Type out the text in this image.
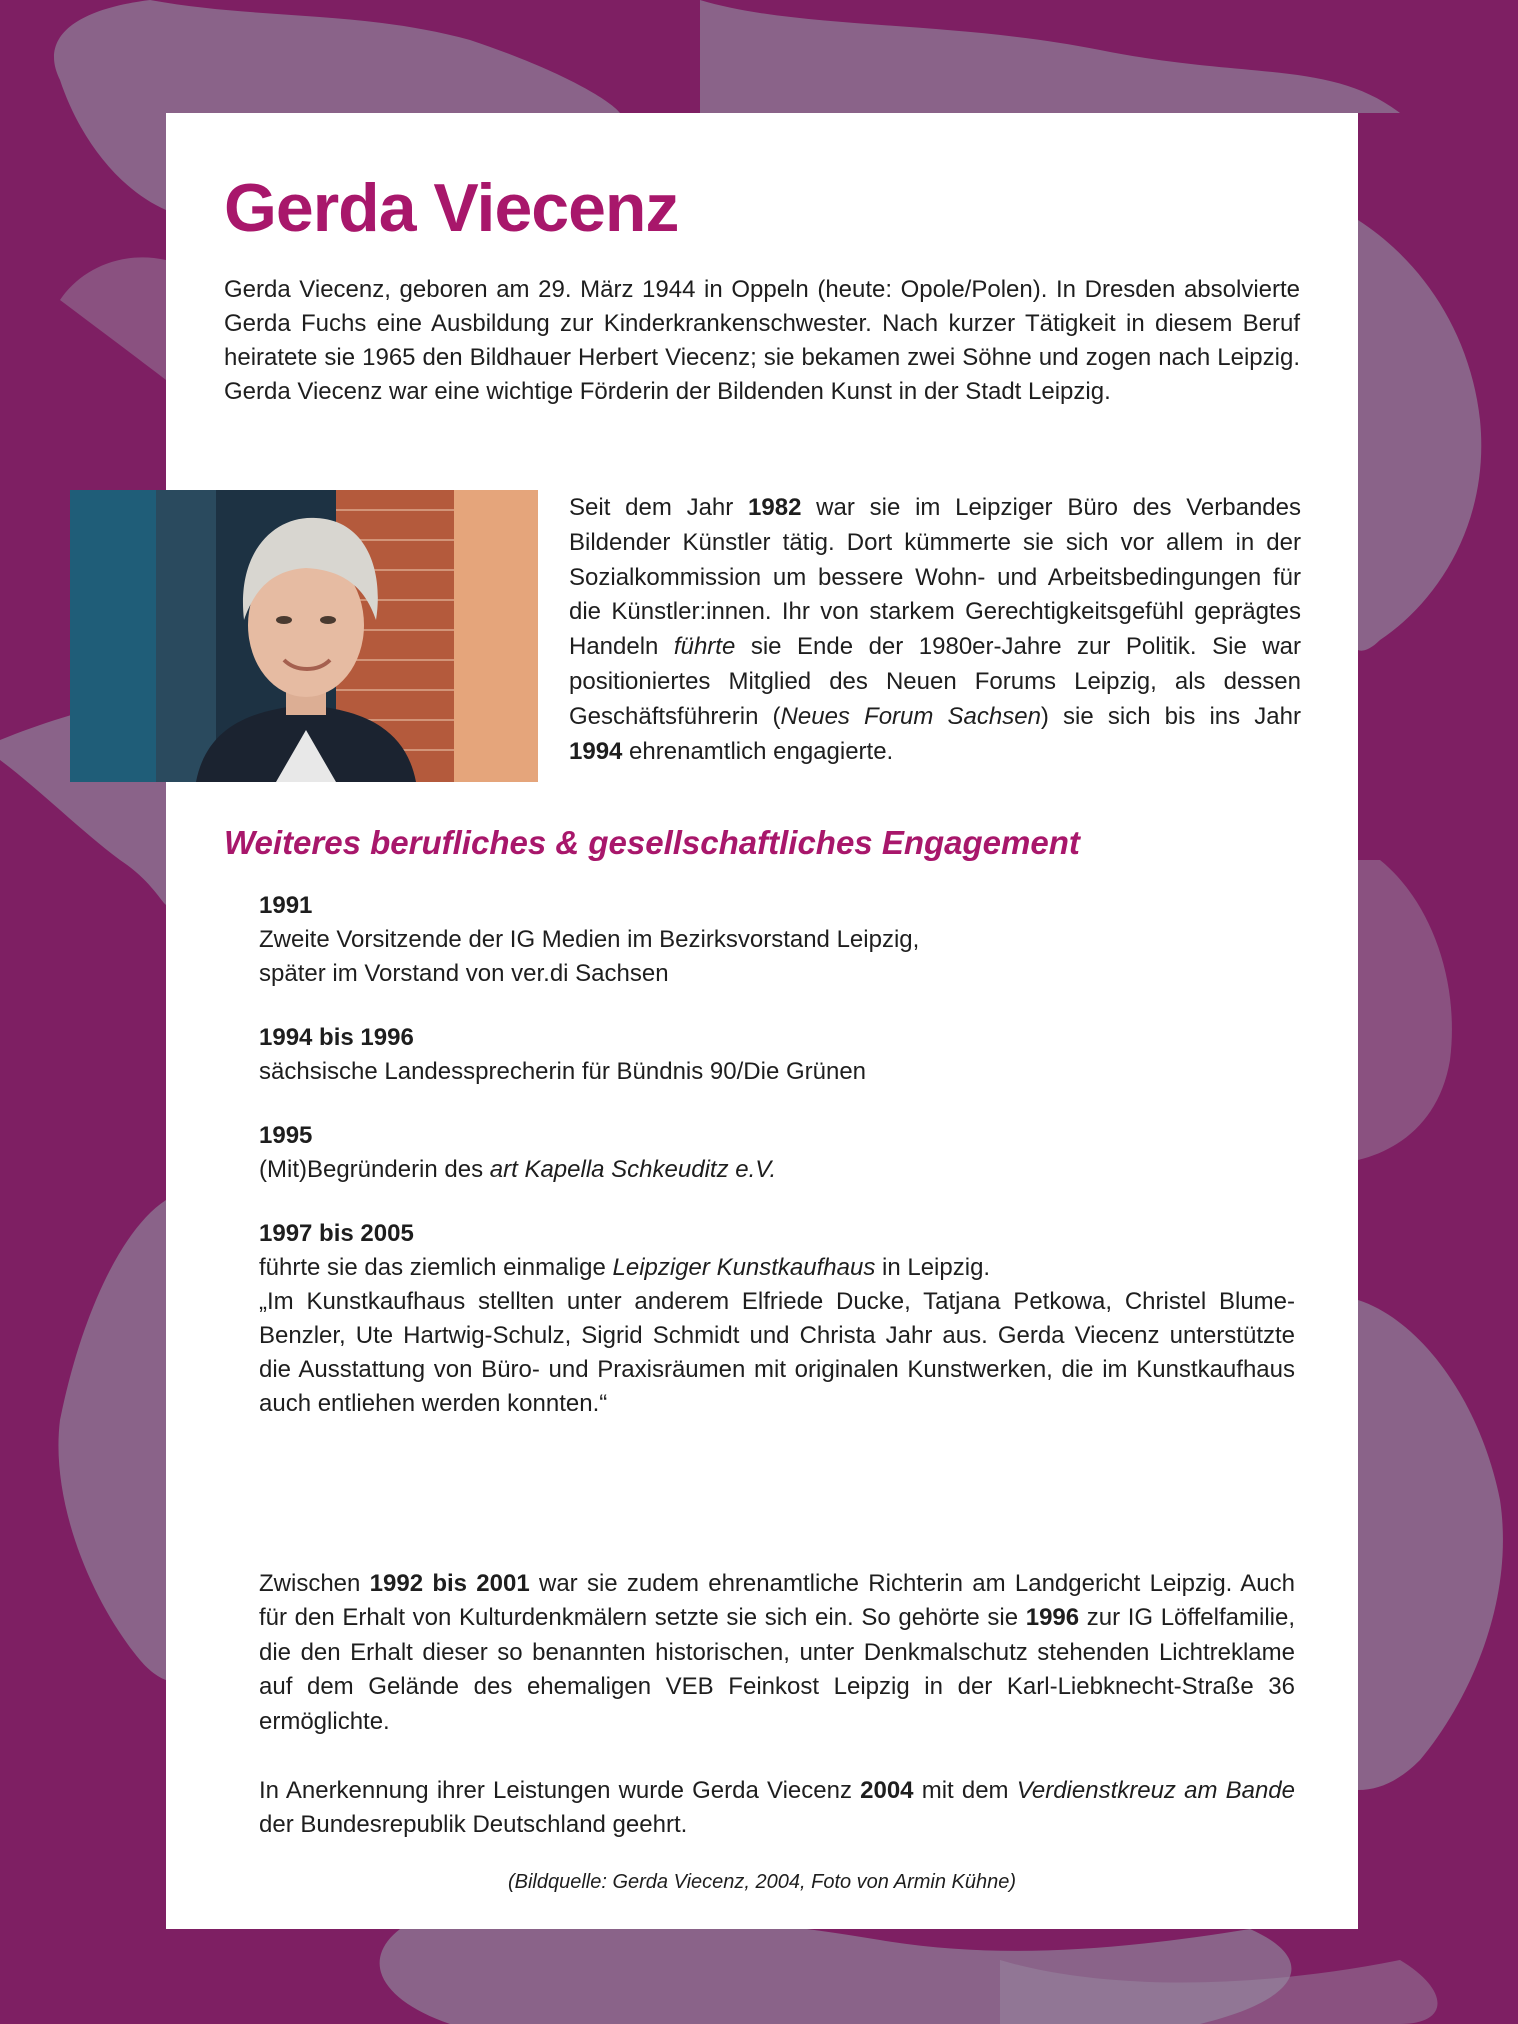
Gerda Viecenz

Gerda Viecenz, geboren am 29. März 1944 in Oppeln (heute: Opole/Polen). In Dresden absolvierte Gerda Fuchs eine Ausbildung zur Kinderkrankenschwester. Nach kurzer Tätigkeit in diesem Beruf heiratete sie 1965 den Bildhauer Herbert Viecenz; sie bekamen zwei Söhne und zogen nach Leipzig. Gerda Viecenz war eine wichtige Förderin der Bildenden Kunst in der Stadt Leipzig.

Seit dem Jahr 1982 war sie im Leipziger Büro des Verbandes Bildender Künstler tätig. Dort kümmerte sie sich vor allem in der Sozialkommission um bessere Wohn- und Arbeitsbedingungen für die Künstler:innen. Ihr von starkem Gerechtigkeitsgefühl geprägtes Handeln führte sie Ende der 1980er-Jahre zur Politik. Sie war positioniertes Mitglied des Neuen Forums Leipzig, als dessen Geschäftsführerin (Neues Forum Sachsen) sie sich bis ins Jahr 1994 ehrenamtlich engagierte.

Weiteres berufliches & gesellschaftliches Engagement
1991
Zweite Vorsitzende der IG Medien im Bezirksvorstand Leipzig,
später im Vorstand von ver.di Sachsen
1994 bis 1996
sächsische Landessprecherin für Bündnis 90/Die Grünen
1995
(Mit)Begründerin des art Kapella Schkeuditz e.V.
1997 bis 2005
führte sie das ziemlich einmalige Leipziger Kunstkaufhaus in Leipzig.
„Im Kunstkaufhaus stellten unter anderem Elfriede Ducke, Tatjana Petkowa, Christel Blume-Benzler, Ute Hartwig-Schulz, Sigrid Schmidt und Christa Jahr aus. Gerda Viecenz unterstützte die Ausstattung von Büro- und Praxisräumen mit originalen Kunstwerken, die im Kunstkaufhaus auch entliehen werden konnten.“

Zwischen 1992 bis 2001 war sie zudem ehrenamtliche Richterin am Landgericht Leipzig. Auch für den Erhalt von Kulturdenkmälern setzte sie sich ein. So gehörte sie 1996 zur IG Löffelfamilie, die den Erhalt dieser so benannten historischen, unter Denkmalschutz stehenden Lichtreklame auf dem Gelände des ehemaligen VEB Feinkost Leipzig in der Karl-Liebknecht-Straße 36 ermöglichte.

In Anerkennung ihrer Leistungen wurde Gerda Viecenz 2004 mit dem Verdienstkreuz am Bande der Bundesrepublik Deutschland geehrt.

(Bildquelle: Gerda Viecenz, 2004, Foto von Armin Kühne)
